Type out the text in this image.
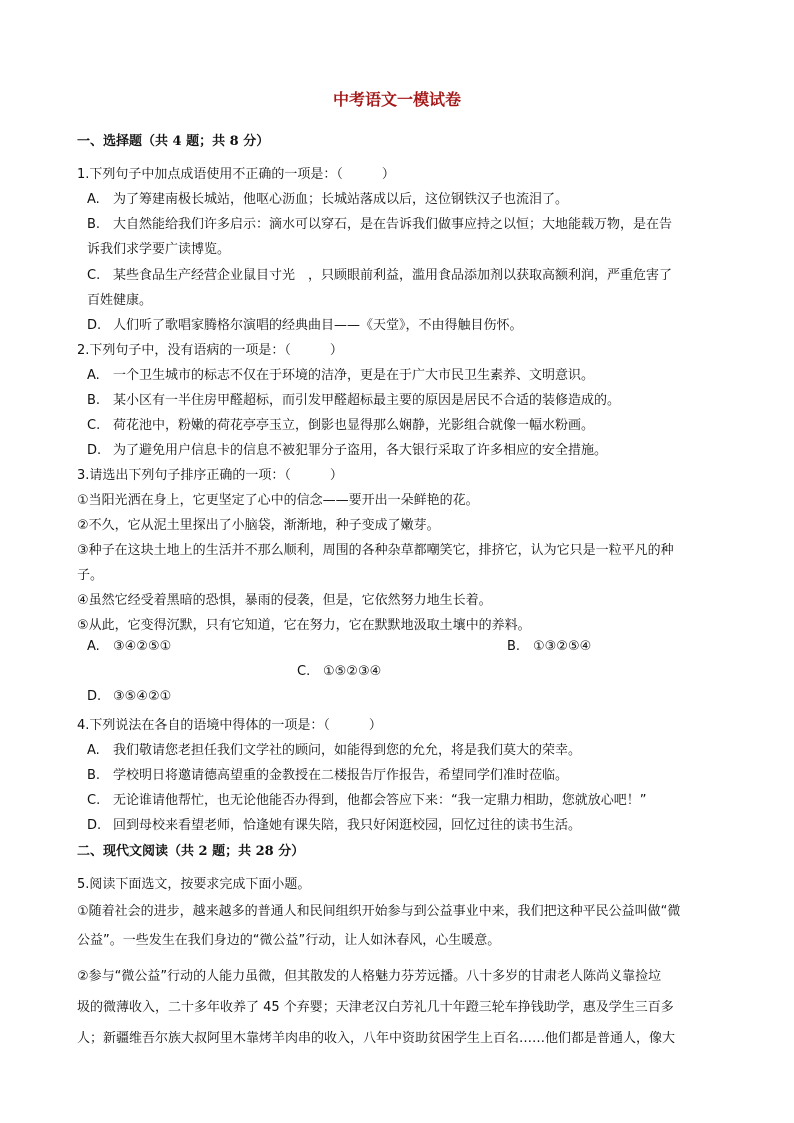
中考语文一模试卷
一、选择题（共 4 题；共 8 分）
1.下列句子中加点成语使用不正确的一项是：（　　　）
A. 为了筹建南极长城站，他呕心沥血；长城站落成以后，这位钢铁汉子也流泪了。
B. 大自然能给我们许多启示：滴水可以穿石，是在告诉我们做事应持之以恒；大地能载万物，是在告
诉我们求学要广读博览。
C. 某些食品生产经营企业鼠目寸光　，只顾眼前利益，滥用食品添加剂以获取高额利润，严重危害了
百姓健康。
D. 人们听了歌唱家腾格尔演唱的经典曲目——《天堂》，不由得触目伤怀。
2.下列句子中，没有语病的一项是：（　　　）
A. 一个卫生城市的标志不仅在于环境的洁净，更是在于广大市民卫生素养、文明意识。
B. 某小区有一半住房甲醛超标，而引发甲醛超标最主要的原因是居民不合适的装修造成的。
C. 荷花池中，粉嫩的荷花亭亭玉立，倒影也显得那么娴静，光影组合就像一幅水粉画。
D. 为了避免用户信息卡的信息不被犯罪分子盗用，各大银行采取了许多相应的安全措施。
3.请选出下列句子排序正确的一项：（　　　）
①当阳光洒在身上，它更坚定了心中的信念——要开出一朵鲜艳的花。
②不久，它从泥土里探出了小脑袋，渐渐地，种子变成了嫩芽。
③种子在这块土地上的生活并不那么顺利，周围的各种杂草都嘲笑它，排挤它，认为它只是一粒平凡的种
子。
④虽然它经受着黑暗的恐惧，暴雨的侵袭，但是，它依然努力地生长着。
⑤从此，它变得沉默，只有它知道，它在努力，它在默默地汲取土壤中的养料。
A. ③④②⑤①	B. ①③②⑤④
C. ①⑤②③④
D. ③⑤④②①
4.下列说法在各自的语境中得体的一项是：（　　　）
A. 我们敬请您老担任我们文学社的顾问，如能得到您的允允，将是我们莫大的荣幸。
B. 学校明日将邀请德高望重的金教授在二楼报告厅作报告，希望同学们准时莅临。
C. 无论谁请他帮忙，也无论他能否办得到，他都会答应下来：“我一定鼎力相助，您就放心吧！”
D. 回到母校来看望老师，恰逢她有课失陪，我只好闲逛校园，回忆过往的读书生活。
二、现代文阅读（共 2 题；共 28 分）
5.阅读下面选文，按要求完成下面小题。
①随着社会的进步，越来越多的普通人和民间组织开始参与到公益事业中来，我们把这种平民公益叫做“微
公益”。一些发生在我们身边的“微公益”行动，让人如沐春风，心生暖意。
②参与“微公益”行动的人能力虽微，但其散发的人格魅力芬芳远播。八十多岁的甘肃老人陈尚义靠捡垃
圾的微薄收入，二十多年收养了 45 个弃婴；天津老汉白芳礼几十年蹬三轮车挣钱助学，惠及学生三百多
人；新疆维吾尔族大叔阿里木靠烤羊肉串的收入，八年中资助贫困学生上百名……他们都是普通人，像大
